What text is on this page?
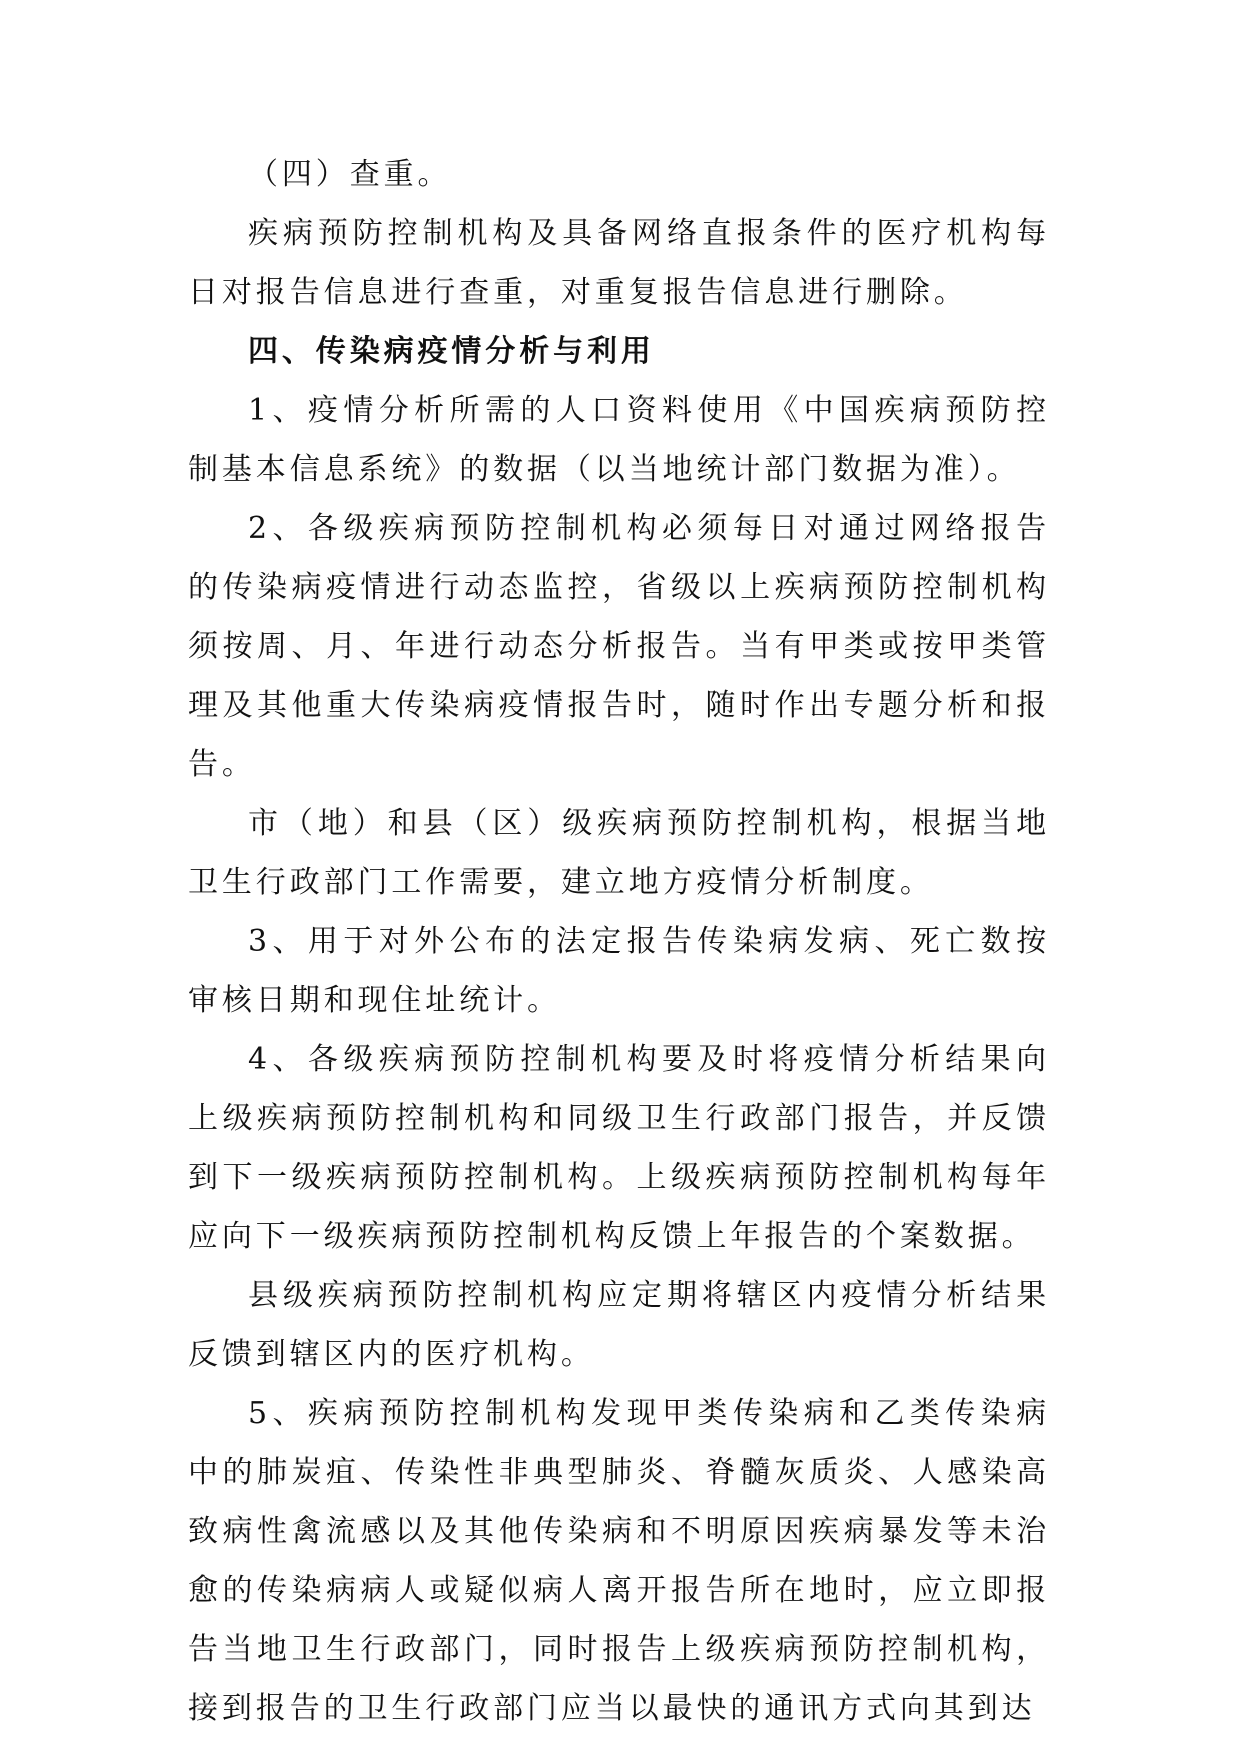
（四）查重。

疾病预防控制机构及具备网络直报条件的医疗机构每日对报告信息进行查重，对重复报告信息进行删除。

四、传染病疫情分析与利用

1、疫情分析所需的人口资料使用《中国疾病预防控制基本信息系统》的数据（以当地统计部门数据为准）。

2、各级疾病预防控制机构必须每日对通过网络报告的传染病疫情进行动态监控，省级以上疾病预防控制机构须按周、月、年进行动态分析报告。当有甲类或按甲类管理及其他重大传染病疫情报告时，随时作出专题分析和报告。

市（地）和县（区）级疾病预防控制机构，根据当地卫生行政部门工作需要，建立地方疫情分析制度。

3、用于对外公布的法定报告传染病发病、死亡数按审核日期和现住址统计。

4、各级疾病预防控制机构要及时将疫情分析结果向上级疾病预防控制机构和同级卫生行政部门报告，并反馈到下一级疾病预防控制机构。上级疾病预防控制机构每年应向下一级疾病预防控制机构反馈上年报告的个案数据。

县级疾病预防控制机构应定期将辖区内疫情分析结果反馈到辖区内的医疗机构。

5、疾病预防控制机构发现甲类传染病和乙类传染病中的肺炭疽、传染性非典型肺炎、脊髓灰质炎、人感染高致病性禽流感以及其他传染病和不明原因疾病暴发等未治愈的传染病病人或疑似病人离开报告所在地时，应立即报告当地卫生行政部门，同时报告上级疾病预防控制机构，接到报告的卫生行政部门应当以最快的通讯方式向其到达
